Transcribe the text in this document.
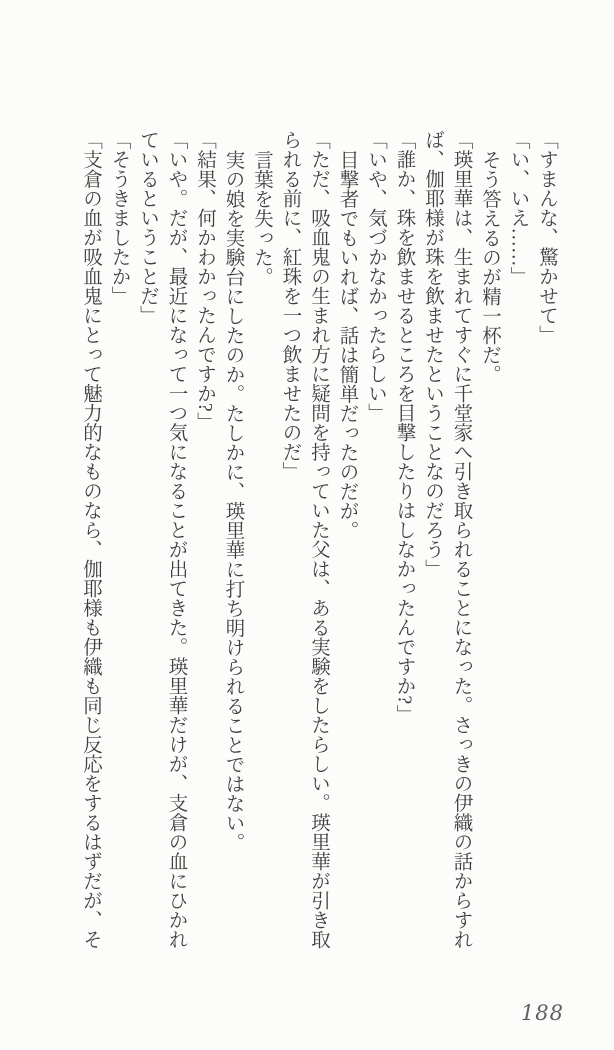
「すまんな、驚かせて」

「い、いえ……」

そう答えるのが精一杯だ。

「瑛里華は、生まれてすぐに千堂家へ引き取られることになった。さっきの伊織の話からすれば、伽耶様が珠を飲ませたということなのだろう」

「誰か、珠を飲ませるところを目撃したりはしなかったんですか?」

「いや、気づかなかったらしい」

目撃者でもいれば、話は簡単だったのだが。

「ただ、吸血鬼の生まれ方に疑問を持っていた父は、ある実験をしたらしい。瑛里華が引き取られる前に、紅珠を一つ飲ませたのだ」

言葉を失った。

実の娘を実験台にしたのか。たしかに、瑛里華に打ち明けられることではない。

「結果、何かわかったんですか?」

「いや。だが、最近になって一つ気になることが出てきた。瑛里華だけが、支倉の血にひかれているということだ」

「そうきましたか」

「支倉の血が吸血鬼にとって魅力的なものなら、伽耶様も伊織も同じ反応をするはずだが、そ

188
